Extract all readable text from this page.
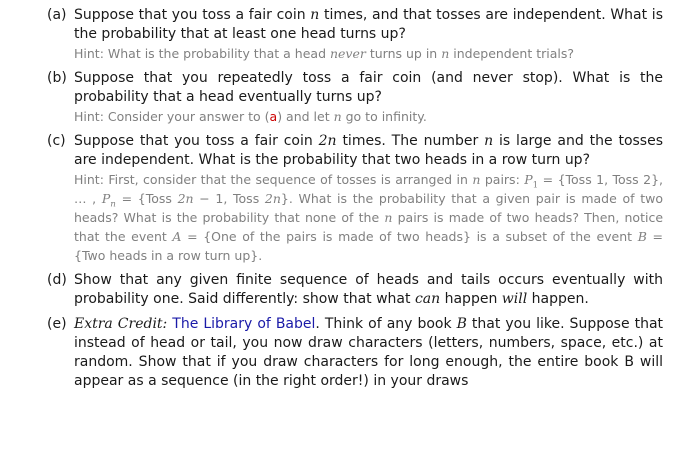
(a) Suppose that you toss a fair coin n times, and that tosses are independent. What is the probability that at least one head turns up?
Hint: What is the probability that a head never turns up in n independent trials?
(b) Suppose that you repeatedly toss a fair coin (and never stop). What is the probability that a head eventually turns up?
Hint: Consider your answer to (a) and let n go to infinity.
(c) Suppose that you toss a fair coin 2n times. The number n is large and the tosses are independent. What is the probability that two heads in a row turn up?
Hint: First, consider that the sequence of tosses is arranged in n pairs: $P_1$ = {Toss 1, Toss 2}, … , $P_n$ = {Toss 2n − 1, Toss 2n}. What is the probability that a given pair is made of two heads? What is the probability that none of the n pairs is made of two heads? Then, notice that the event A = {One of the pairs is made of two heads} is a subset of the event B = {Two heads in a row turn up}.
(d) Show that any given finite sequence of heads and tails occurs eventually with probability one. Said differently: show that what can happen will happen.
(e) Extra Credit: The Library of Babel. Think of any book B that you like. Suppose that instead of head or tail, you now draw characters (letters, numbers, space, etc.) at random. Show that if you draw characters for long enough, the entire book B will appear as a sequence (in the right order!) in your draws
